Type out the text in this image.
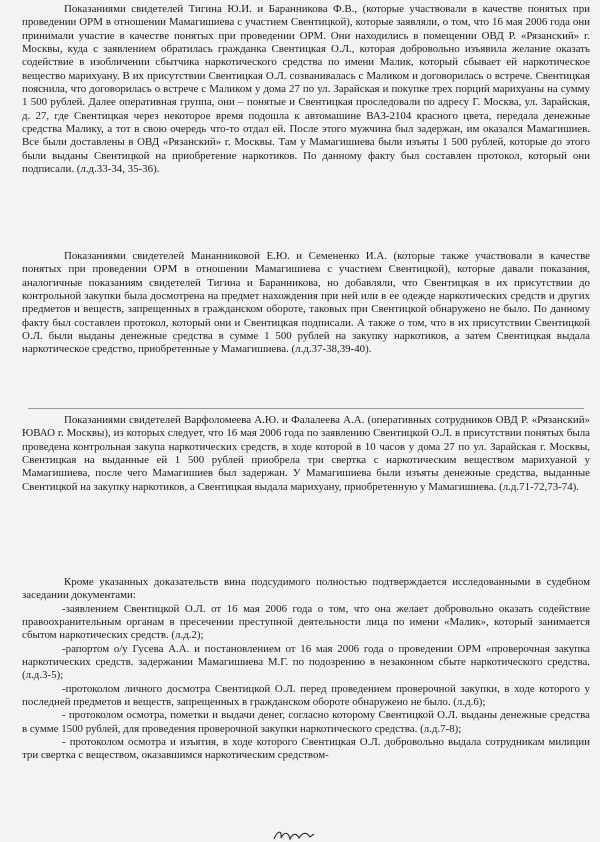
Показаниями свидетелей Тигина Ю.И. и Баранникова Ф.В., (которые участвовали в качестве понятых при проведении ОРМ в отношении Мамагишиева с участием Свентицкой), которые заявляли, о том, что 16 мая 2006 года они принимали участие в качестве понятых при проведении ОРМ. Они находились в помещении ОВД Р. «Рязанский» г. Москвы, куда с заявлением обратилась гражданка Свентицкая О.Л., которая добровольно изъявила желание оказать содействие в изобличении сбытчика наркотического средства по имени Малик, который сбывает ей наркотическое вещество марихуану. В их присутствии Свентицкая О.Л. созванивалась с Маликом и договорилась о встрече. Свентицкая пояснила, что договорилась о встрече с Маликом у дома 27 по ул. Зарайская и покупке трех порций марихуаны на сумму 1 500 рублей. Далее оперативная группа, они – понятые и Свентицкая проследовали по адресу Г. Москва, ул. Зарайская, д. 27, где Свентицкая через некоторое время подошла к автомашине ВАЗ-2104 красного цвета, передала денежные средства Малику, а тот в свою очередь что-то отдал ей. После этого мужчина был задержан, им оказался Мамагишиев. Все были доставлены в ОВД «Рязанский» г. Москвы. Там у Мамагишиева были изъяты 1 500 рублей, которые до этого были выданы Свентицкой на приобретение наркотиков. По данному факту был составлен протокол, который они подписали. (л.д.33-34, 35-36).

Показаниями свидетелей Мананниковой Е.Ю. и Семененко И.А. (которые также участвовали в качестве понятых при проведении ОРМ в отношении Мамагишиева с участием Свентицкой), которые давали показания, аналогичные показаниям свидетелей Тигина и Баранникова, но добавляли, что Свентицкая в их присутствии до контрольной закупки была досмотрена на предмет нахождения при ней или в ее одежде наркотических средств и других предметов и веществ, запрещенных в гражданском обороте, таковых при Свентицкой обнаружено не было. По данному факту был составлен протокол, который они и Свентицкая подписали. А также о том, что в их присутствии Свентицкой О.Л. были выданы денежные средства в сумме 1 500 рублей на закупку наркотиков, а затем Свентицкая выдала наркотическое средство, приобретенные у Мамагишиева. (л.д.37-38,39-40).

Показаниями свидетелей Варфоломеева А.Ю. и Фалалеева А.А. (оперативных сотрудников ОВД Р. «Рязанский» ЮВАО г. Москвы), из которых следует, что 16 мая 2006 года по заявлению Свентицкой О.Л. в присутствии понятых была проведена контрольная закупа наркотических средств, в ходе которой в 10 часов у дома 27 по ул. Зарайская г. Москвы, Свентицкая на выданные ей 1 500 рублей приобрела три свертка с наркотическим веществом марихуаной у Мамагишиева, после чего Мамагишиев был задержан. У Мамагишиева были изъяты денежные средства, выданные Свентицкой на закупку наркотиков, а Свентицкая выдала марихуану, приобретенную у Мамагишиева. (л.д.71-72,73-74).

Кроме указанных доказательств вина подсудимого полностью подтверждается исследованными в судебном заседании документами:

-заявлением Свентицкой О.Л. от 16 мая 2006 года о том, что она желает добровольно оказать содействие правоохранительным органам в пресечении преступной деятельности лица по имени «Малик», который занимается сбытом наркотических средств. (л.д.2);

-рапортом о/у Гусева А.А. и постановлением от 16 мая 2006 года о проведении ОРМ «проверочная закупка наркотических средств. задержании Мамагишиева М.Г. по подозрению в незаконном сбыте наркотического средства. (л.д.3-5);

-протоколом личного досмотра Свентицкой О.Л. перед проведением проверочной закупки, в ходе которого у последней предметов и веществ, запрещенных в гражданском обороте обнаружено не было. (л.д.6);

- протоколом осмотра, пометки и выдачи денег, согласно которому Свентицкой О.Л. выданы денежные средства в сумме 1500 рублей, для проведения проверочной закупки наркотического средства. (л.д.7-8);

- протоколом осмотра и изъятия, в ходе которого Свентицкая О.Л. добровольно выдала сотрудникам милиции три свертка с веществом, оказавшимся наркотическим средством-
